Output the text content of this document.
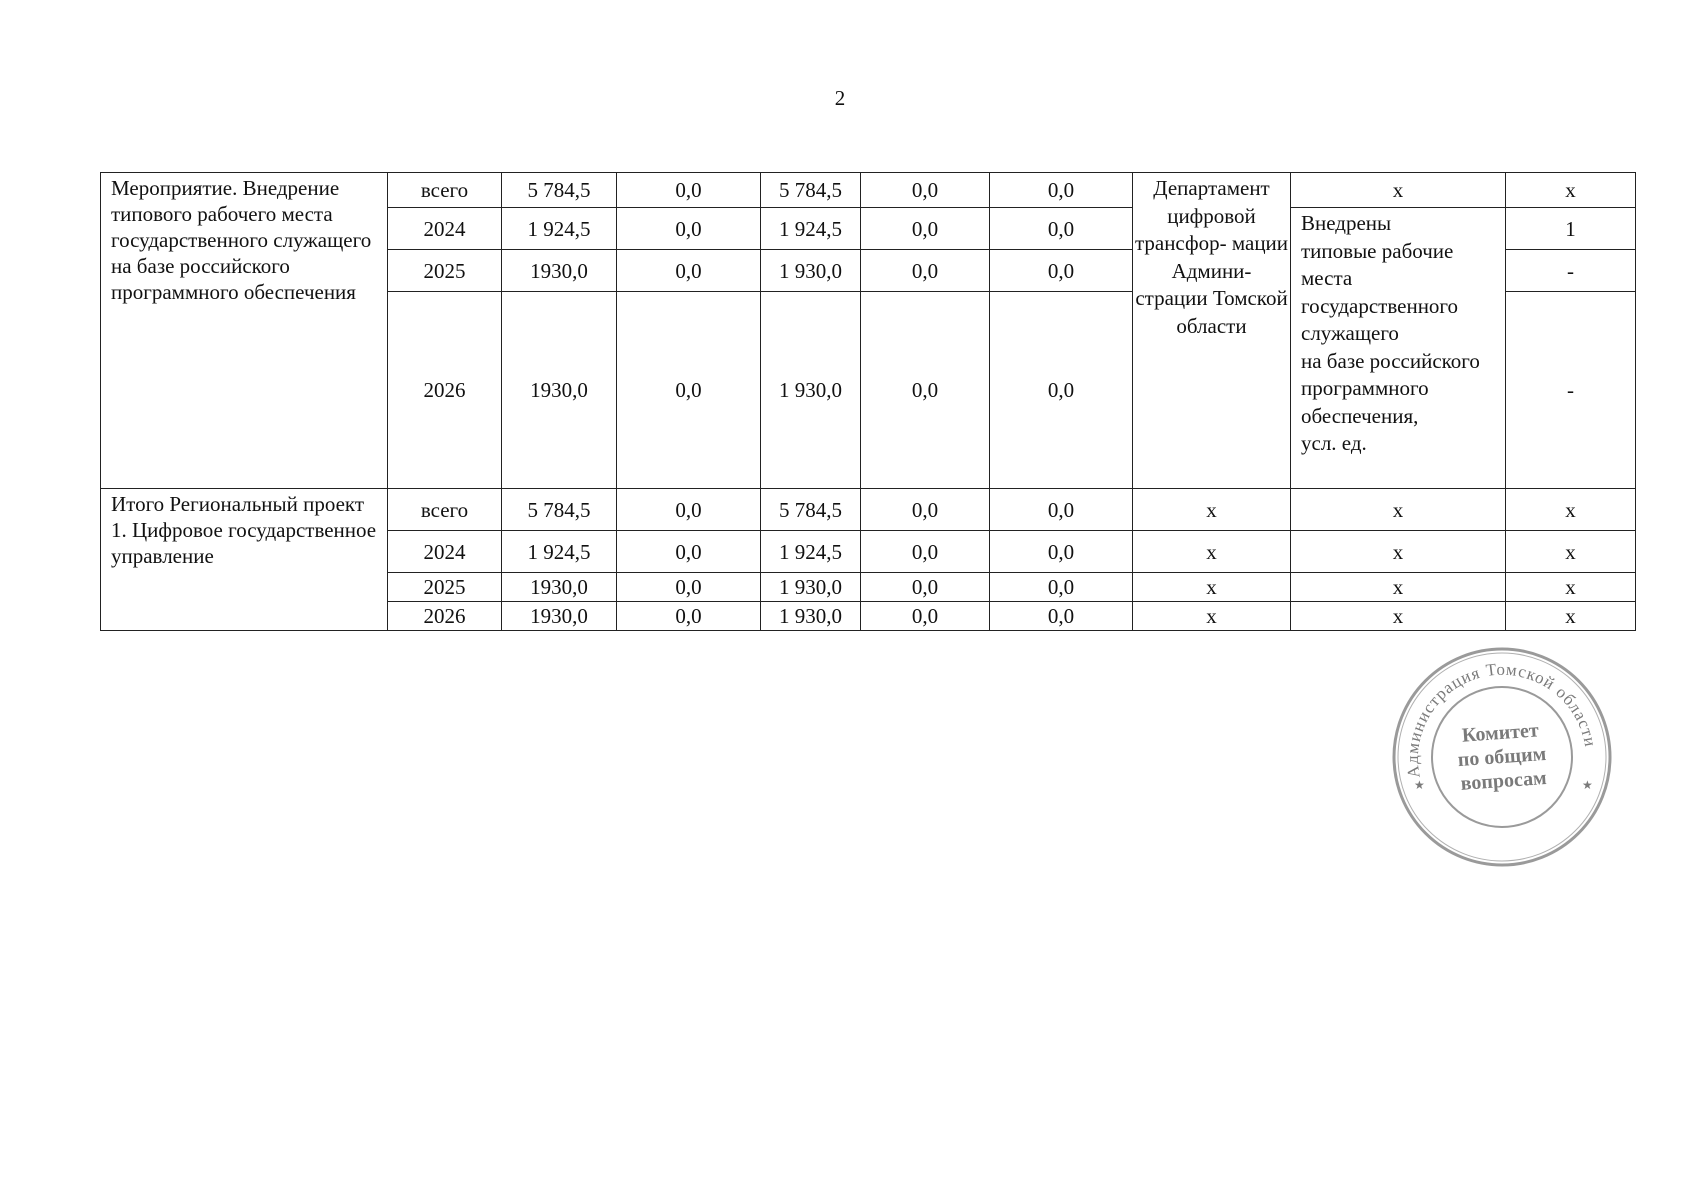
2
Мероприятие. Внедрение типового рабочего места государственного служащего на базе российского программного обеспечения	всего	5 784,5	0,0	5 784,5	0,0	0,0	Департамент цифровой трансфор- мации Админи- страции Томской области	х	х
	2024	1 924,5	0,0	1 924,5	0,0	0,0		Внедрены
типовые рабочие места государственного служащего
на базе российского программного обеспечения,
усл. ед.	1
	2025	1930,0	0,0	1 930,0	0,0	0,0			-
	2026	1930,0	0,0	1 930,0	0,0	0,0			-

Итого Региональный проект 1. Цифровое государственное управление	всего	5 784,5	0,0	5 784,5	0,0	0,0	х	х	х
	2024	1 924,5	0,0	1 924,5	0,0	0,0	х	х	х
	2025	1930,0	0,0	1 930,0	0,0	0,0	х	х	х
	2026	1930,0	0,0	1 930,0	0,0	0,0	х	х	х
Администрация Томской области
★	★
Комитет
по общим
вопросам
